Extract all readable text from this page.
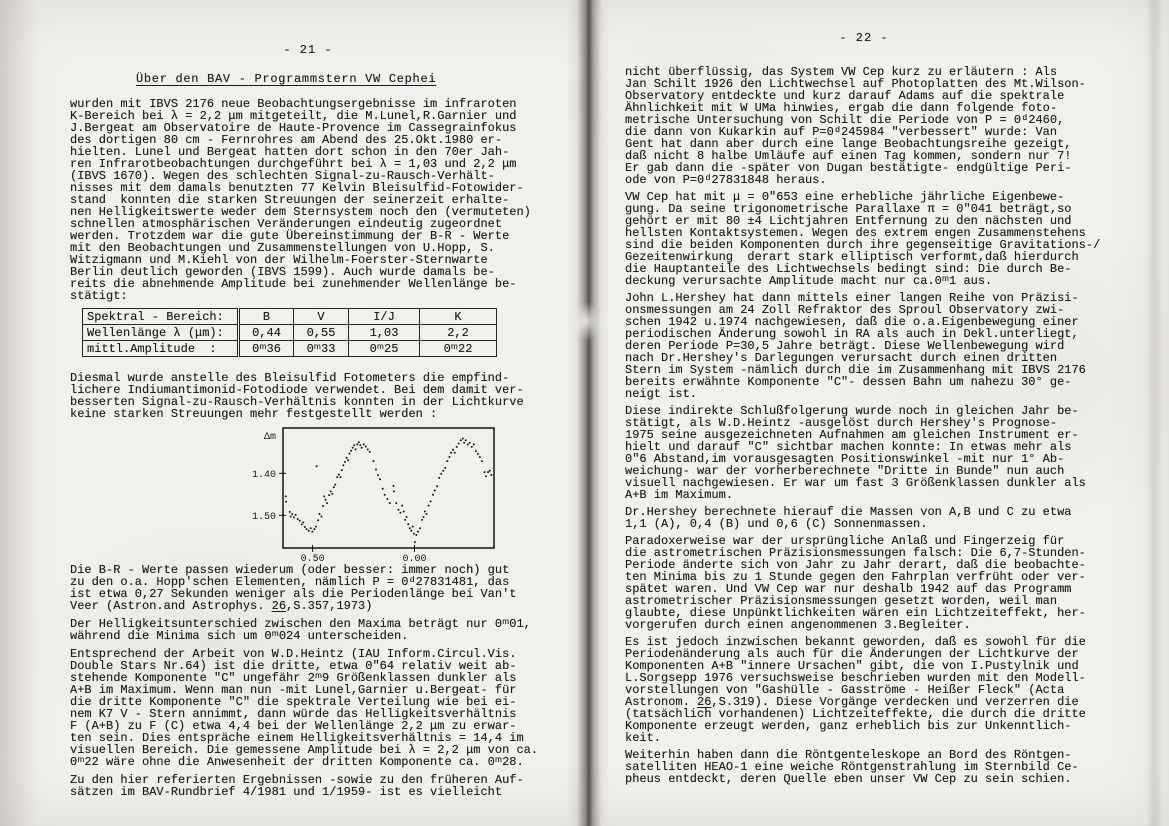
- 21 -
Über den BAV - Programmstern VW Cephei

wurden mit IBVS 2176 neue Beobachtungsergebnisse im infraroten
K-Bereich bei λ = 2,2 μm mitgeteilt, die M.Lunel,R.Garnier und
J.Bergeat am Observatoire de Haute-Provence im Cassegrainfokus
des dortigen 80 cm - Fernrohres am Abend des 25.Okt.1980 er-
hielten. Lunel und Bergeat hatten dort schon in den 70er Jah-
ren Infrarotbeobachtungen durchgeführt bei λ = 1,03 und 2,2 μm
(IBVS 1670). Wegen des schlechten Signal-zu-Rausch-Verhält-
nisses mit dem damals benutzten 77 Kelvin Bleisulfid-Fotowider-
stand  konnten die starken Streuungen der seinerzeit erhalte-
nen Helligkeitswerte weder dem Sternsystem noch den (vermuteten)
schnellen atmosphärischen Veränderungen eindeutig zugeordnet
werden. Trotzdem war die gute Übereinstimmung der B-R - Werte
mit den Beobachtungen und Zusammenstellungen von U.Hopp, S.
Witzigmann und M.Kiehl von der Wilhelm-Foerster-Sternwarte
Berlin deutlich geworden (IBVS 1599). Auch wurde damals be-
reits die abnehmende Amplitude bei zunehmender Wellenlänge be-
stätigt:

Spektral - Bereich:	B	V	I/J	K
Wellenlänge λ (μm):	0,44	0,55	1,03	2,2
mittl.Amplitude  :	0ᵐ36	0ᵐ33	0ᵐ25	0ᵐ22

Diesmal wurde anstelle des Bleisulfid Fotometers die empfind-
lichere Indiumantimonid-Fotodiode verwendet. Bei dem damit ver-
besserten Signal-zu-Rausch-Verhältnis konnten in der Lichtkurve
keine starken Streuungen mehr festgestellt werden :

1.40
1.50
0.50	0.00
Δm

Die B-R - Werte passen wiederum (oder besser: immer noch) gut
zu den o.a. Hopp'schen Elementen, nämlich P = 0ᵈ27831481, das
ist etwa 0,27 Sekunden weniger als die Periodenlänge bei Van't
Veer (Astron.and Astrophys. 26,S.357,1973)

Der Helligkeitsunterschied zwischen den Maxima beträgt nur 0ᵐ01,
während die Minima sich um 0ᵐ024 unterscheiden.

Entsprechend der Arbeit von W.D.Heintz (IAU Inform.Circul.Vis.
Double Stars Nr.64) ist die dritte, etwa 0″64 relativ weit ab-
stehende Komponente "C" ungefähr 2ᵐ9 Größenklassen dunkler als
A+B im Maximum. Wenn man nun -mit Lunel,Garnier u.Bergeat- für
die dritte Komponente "C" die spektrale Verteilung wie bei ei-
nem K7 V - Stern annimmt, dann würde das Helligkeitsverhältnis
F (A+B) zu F (C) etwa 4,4 bei der Wellenlänge 2,2 μm zu erwar-
ten sein. Dies entspräche einem Helligkeitsverhältnis = 14,4 im
visuellen Bereich. Die gemessene Amplitude bei λ = 2,2 μm von ca.
0ᵐ22 wäre ohne die Anwesenheit der dritten Komponente ca. 0ᵐ28.

Zu den hier referierten Ergebnissen -sowie zu den früheren Auf-
sätzen im BAV-Rundbrief 4/1981 und 1/1959- ist es vielleicht

- 22 -

nicht überflüssig, das System VW Cep kurz zu erläutern : Als
Jan Schilt 1926 den Lichtwechsel auf Photoplatten des Mt.Wilson-
Observatory entdeckte und kurz darauf Adams auf die spektrale
Ähnlichkeit mit W UMa hinwies, ergab die dann folgende foto-
metrische Untersuchung von Schilt die Periode von P = 0ᵈ2460,
die dann von Kukarkin auf P=0ᵈ245984 "verbessert" wurde: Van
Gent hat dann aber durch eine lange Beobachtungsreihe gezeigt,
daß nicht 8 halbe Umläufe auf einen Tag kommen, sondern nur 7!
Er gab dann die -später von Dugan bestätigte- endgültige Peri-
ode von P=0ᵈ27831848 heraus.

VW Cep hat mit μ = 0″653 eine erhebliche jährliche Eigenbewe-
gung. Da seine trigonometrische Parallaxe π = 0″041 beträgt,so
gehört er mit 80 ±4 Lichtjahren Entfernung zu den nächsten und
hellsten Kontaktsystemen. Wegen des extrem engen Zusammenstehens
sind die beiden Komponenten durch ihre gegenseitige Gravitations-/
Gezeitenwirkung  derart stark elliptisch verformt,daß hierdurch
die Hauptanteile des Lichtwechsels bedingt sind: Die durch Be-
deckung verursachte Amplitude macht nur ca.0ᵐ1 aus.

John L.Hershey hat dann mittels einer langen Reihe von Präzisi-
onsmessungen am 24 Zoll Refraktor des Sproul Observatory zwi-
schen 1942 u.1974 nachgewiesen, daß die o.a.Eigenbewegung einer
periodischen Änderung sowohl in RA als auch in Dekl.unterliegt,
deren Periode P=30,5 Jahre beträgt. Diese Wellenbewegung wird
nach Dr.Hershey's Darlegungen verursacht durch einen dritten
Stern im System -nämlich durch die im Zusammenhang mit IBVS 2176
bereits erwähnte Komponente "C"- dessen Bahn um nahezu 30° ge-
neigt ist.

Diese indirekte Schlußfolgerung wurde noch in gleichen Jahr be-
stätigt, als W.D.Heintz -ausgelöst durch Hershey's Prognose-
1975 seine ausgezeichneten Aufnahmen am gleichen Instrument er-
hielt und darauf "C" sichtbar machen konnte: In etwas mehr als
0″6 Abstand,im vorausgesagten Positionswinkel -mit nur 1° Ab-
weichung- war der vorherberechnete "Dritte in Bunde" nun auch
visuell nachgewiesen. Er war um fast 3 Größenklassen dunkler als
A+B im Maximum.

Dr.Hershey berechnete hierauf die Massen von A,B und C zu etwa
1,1 (A), 0,4 (B) und 0,6 (C) Sonnenmassen.

Paradoxerweise war der ursprüngliche Anlaß und Fingerzeig für
die astrometrischen Präzisionsmessungen falsch: Die 6,7-Stunden-
Periode änderte sich von Jahr zu Jahr derart, daß die beobachte-
ten Minima bis zu 1 Stunde gegen den Fahrplan verfrüht oder ver-
spätet waren. Und VW Cep war nur deshalb 1942 auf das Programm
astrometrischer Präzisionsmessungen gesetzt worden, weil man
glaubte, diese Unpünktlichkeiten wären ein Lichtzeiteffekt, her-
vorgerufen durch einen angenommenen 3.Begleiter.

Es ist jedoch inzwischen bekannt geworden, daß es sowohl für die
Periodenänderung als auch für die Änderungen der Lichtkurve der
Komponenten A+B "innere Ursachen" gibt, die von I.Pustylnik und
L.Sorgsepp 1976 versuchsweise beschrieben wurden mit den Modell-
vorstellungen von "Gashülle - Gasströme - Heißer Fleck" (Acta
Astronom. 26,S.319). Diese Vorgänge verdecken und verzerren die
(tatsächlich vorhandenen) Lichtzeiteffekte, die durch die dritte
Komponente erzeugt werden, ganz erheblich bis zur Unkenntlich-
keit.

Weiterhin haben dann die Röntgenteleskope an Bord des Röntgen-
satelliten HEAO-1 eine weiche Röntgenstrahlung im Sternbild Ce-
pheus entdeckt, deren Quelle eben unser VW Cep zu sein schien.
